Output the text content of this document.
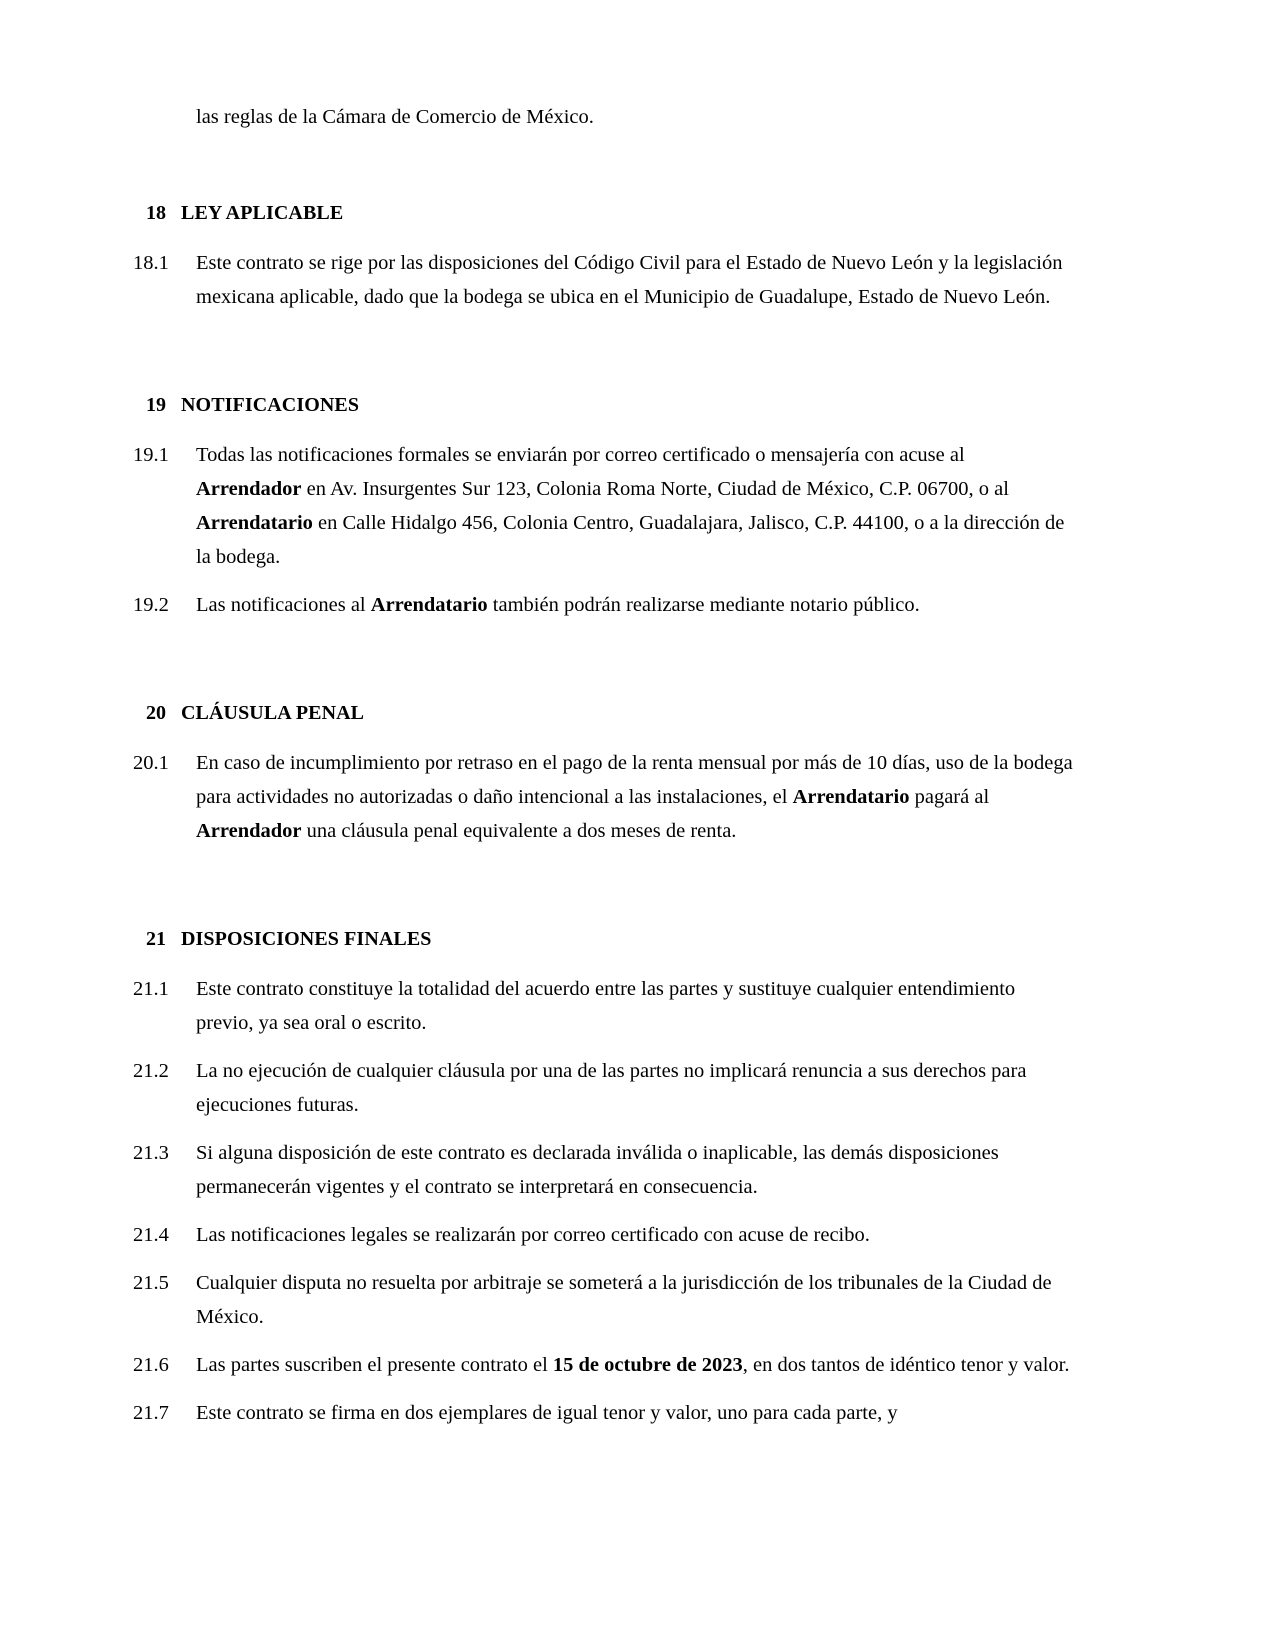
las reglas de la Cámara de Comercio de México.

18 LEY APLICABLE
18.1	Este contrato se rige por las disposiciones del Código Civil para el Estado de Nuevo León y la legislación mexicana aplicable, dado que la bodega se ubica en el Municipio de Guadalupe, Estado de Nuevo León.
19 NOTIFICACIONES
19.1	Todas las notificaciones formales se enviarán por correo certificado o mensajería con acuse al Arrendador en Av. Insurgentes Sur 123, Colonia Roma Norte, Ciudad de México, C.P. 06700, o al Arrendatario en Calle Hidalgo 456, Colonia Centro, Guadalajara, Jalisco, C.P. 44100, o a la dirección de la bodega.
19.2	Las notificaciones al Arrendatario también podrán realizarse mediante notario público.
20 CLÁUSULA PENAL
20.1	En caso de incumplimiento por retraso en el pago de la renta mensual por más de 10 días, uso de la bodega para actividades no autorizadas o daño intencional a las instalaciones, el Arrendatario pagará al Arrendador una cláusula penal equivalente a dos meses de renta.
21 DISPOSICIONES FINALES
21.1	Este contrato constituye la totalidad del acuerdo entre las partes y sustituye cualquier entendimiento previo, ya sea oral o escrito.
21.2	La no ejecución de cualquier cláusula por una de las partes no implicará renuncia a sus derechos para ejecuciones futuras.
21.3	Si alguna disposición de este contrato es declarada inválida o inaplicable, las demás disposiciones permanecerán vigentes y el contrato se interpretará en consecuencia.
21.4	Las notificaciones legales se realizarán por correo certificado con acuse de recibo.
21.5	Cualquier disputa no resuelta por arbitraje se someterá a la jurisdicción de los tribunales de la Ciudad de México.
21.6	Las partes suscriben el presente contrato el 15 de octubre de 2023, en dos tantos de idéntico tenor y valor.
21.7	Este contrato se firma en dos ejemplares de igual tenor y valor, uno para cada parte, y
